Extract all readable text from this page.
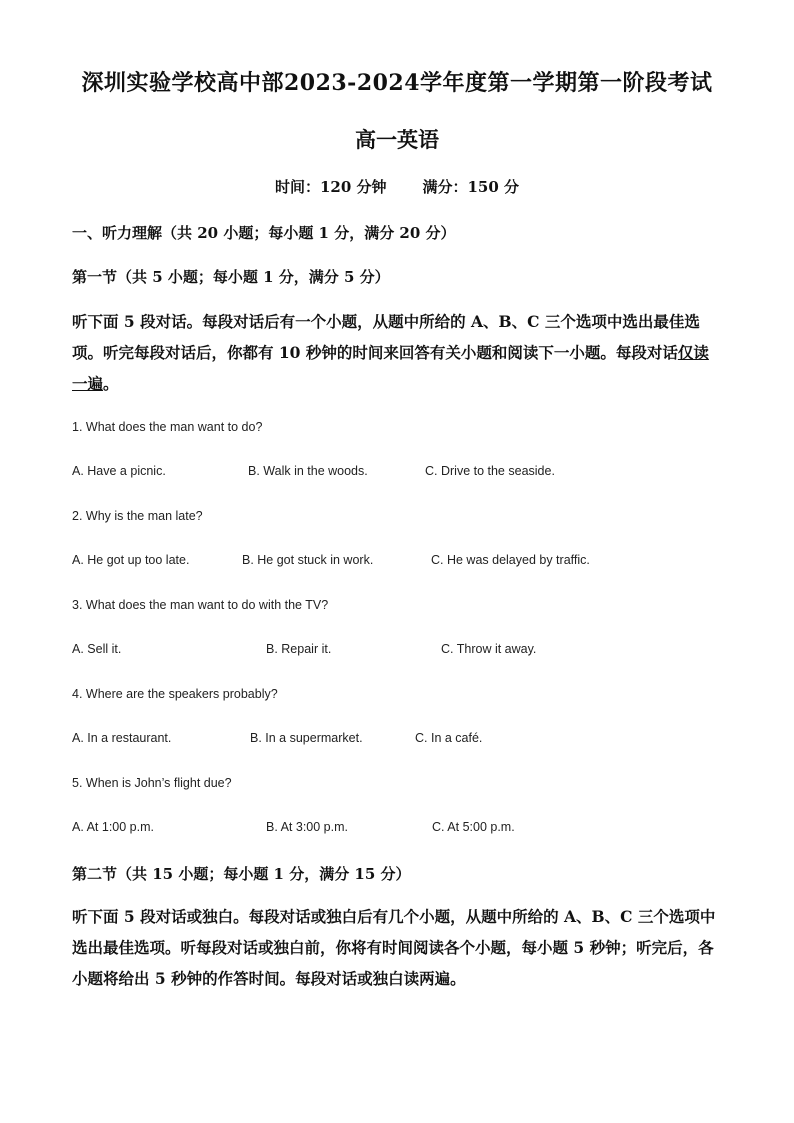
深圳实验学校高中部2023-2024学年度第一学期第一阶段考试
高一英语
时间：120 分钟 满分：150 分
一、听力理解（共 20 小题；每小题 1 分，满分 20 分）
第一节（共 5 小题；每小题 1 分，满分 5 分）
听下面 5 段对话。每段对话后有一个小题，从题中所给的 A、B、C 三个选项中选出最佳选项。听完每段对话后，你都有 10 秒钟的时间来回答有关小题和阅读下一小题。每段对话仅读一遍。
1. What does the man want to do?
A. Have a picnic.	B. Walk in the woods.	C. Drive to the seaside.
2. Why is the man late?
A. He got up too late.	B. He got stuck in work.	C. He was delayed by traffic.
3. What does the man want to do with the TV?
A. Sell it.	B. Repair it.	C. Throw it away.
4. Where are the speakers probably?
A. In a restaurant.	B. In a supermarket.	C. In a café.
5. When is John’s flight due?
A. At 1:00 p.m.	B. At 3:00 p.m.	C. At 5:00 p.m.
第二节（共 15 小题；每小题 1 分，满分 15 分）
听下面 5 段对话或独白。每段对话或独白后有几个小题，从题中所给的 A、B、C 三个选项中选出最佳选项。听每段对话或独白前，你将有时间阅读各个小题，每小题 5 秒钟；听完后，各小题将给出 5 秒钟的作答时间。每段对话或独白读两遍。
